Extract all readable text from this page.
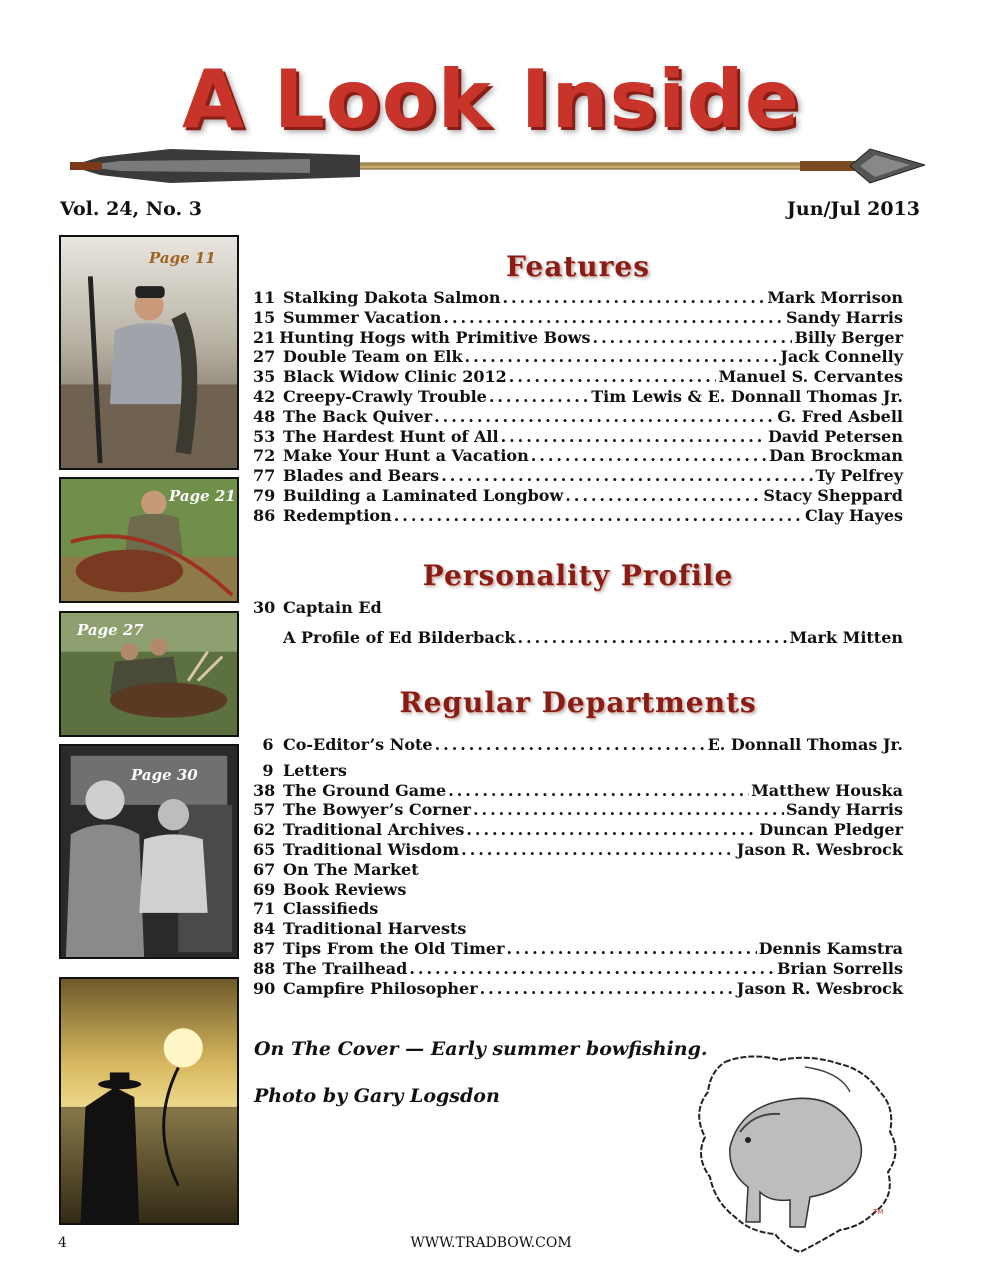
A Look Inside
Vol. 24, No. 3	Jun/Jul 2013
Page 11
Page 21
Page 27
Page 30
Features
11 Stalking Dakota Salmon . . .	Mark Morrison
15 Summer Vacation . . .	Sandy Harris
21 Hunting Hogs with Primitive Bows . . .	Billy Berger
27 Double Team on Elk . . .	Jack Connelly
35 Black Widow Clinic 2012 . . .	Manuel S. Cervantes
42 Creepy-Crawly Trouble . . .	Tim Lewis & E. Donnall Thomas Jr.
48 The Back Quiver . . .	G. Fred Asbell
53 The Hardest Hunt of All . . .	David Petersen
72 Make Your Hunt a Vacation . . .	Dan Brockman
77 Blades and Bears . . .	Ty Pelfrey
79 Building a Laminated Longbow . . .	Stacy Sheppard
86 Redemption . . .	Clay Hayes
Personality Profile
30 Captain Ed
A Profile of Ed Bilderback . . .	Mark Mitten
Regular Departments
6 Co-Editor’s Note . . .	E. Donnall Thomas Jr.
9 Letters
38 The Ground Game . . .	Matthew Houska
57 The Bowyer’s Corner . . .	Sandy Harris
62 Traditional Archives . . .	Duncan Pledger
65 Traditional Wisdom . . .	Jason R. Wesbrock
67 On The Market
69 Book Reviews
71 Classifieds
84 Traditional Harvests
87 Tips From the Old Timer . . .	Dennis Kamstra
88 The Trailhead . . .	Brian Sorrells
90 Campfire Philosopher . . .	Jason R. Wesbrock
On The Cover — Early summer bowfishing.
Photo by Gary Logsdon
TM
4	WWW.TRADBOW.COM
